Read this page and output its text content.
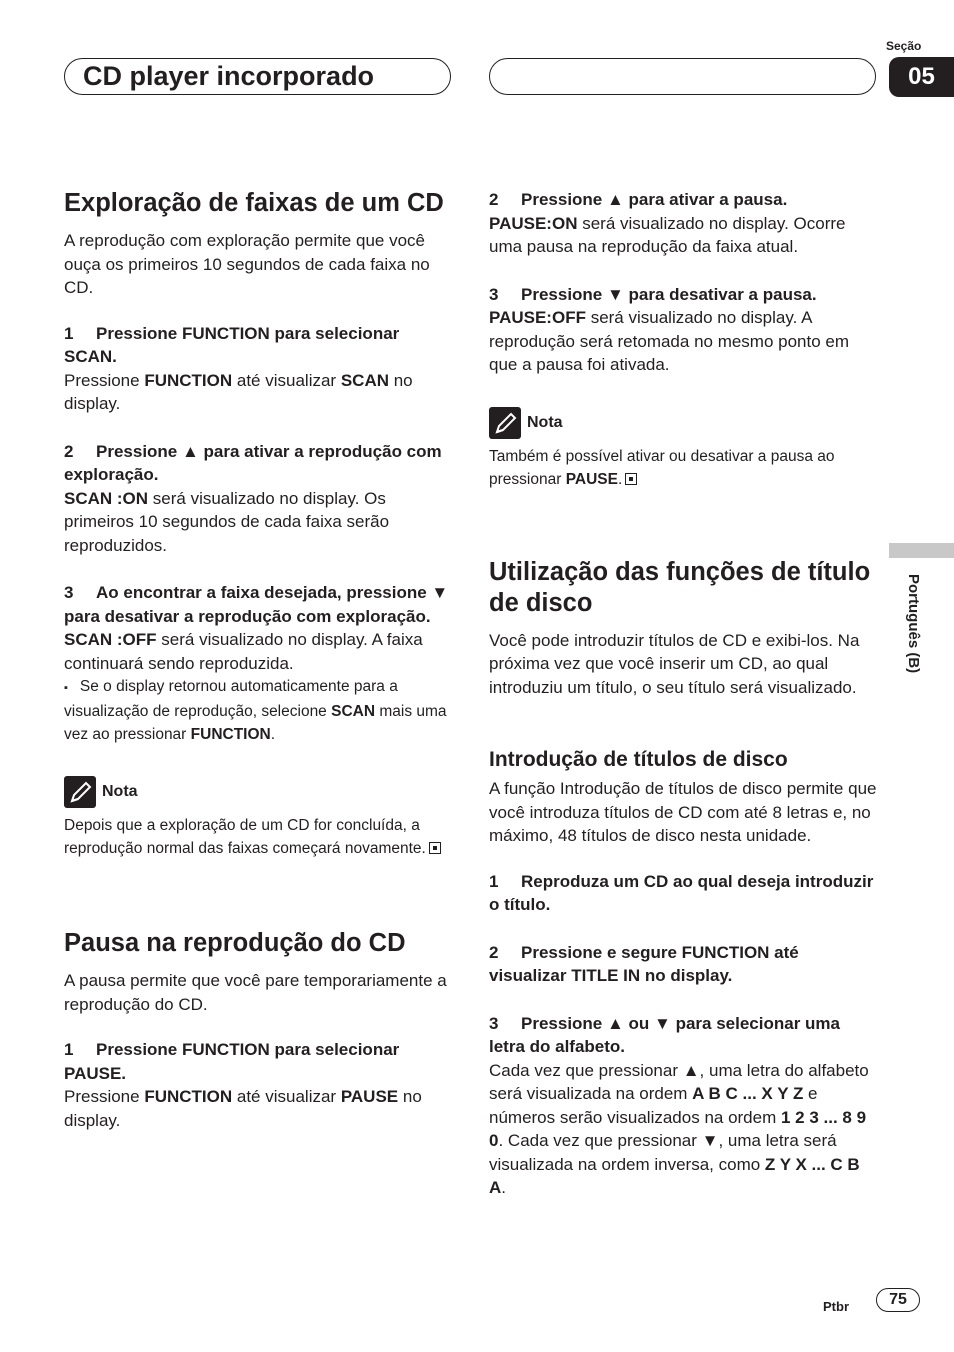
CD player incorporado
Seção
05
Português (B)
Exploração de faixas de um CD

A reprodução com exploração permite que você ouça os primeiros 10 segundos de cada faixa no CD.

1 Pressione FUNCTION para selecionar SCAN.

Pressione FUNCTION até visualizar SCAN no display.

2 Pressione ▲ para ativar a reprodução com exploração.

SCAN :ON será visualizado no display. Os primeiros 10 segundos de cada faixa serão reproduzidos.

3 Ao encontrar a faixa desejada, pressione ▼ para desativar a reprodução com exploração.

SCAN :OFF será visualizado no display. A faixa continuará sendo reproduzida.

▪ Se o display retornou automaticamente para a visualização de reprodução, selecione SCAN mais uma vez ao pressionar FUNCTION.

Nota

Depois que a exploração de um CD for concluída, a reprodução normal das faixas começará novamente.

Pausa na reprodução do CD

A pausa permite que você pare temporariamente a reprodução do CD.

1 Pressione FUNCTION para selecionar PAUSE.

Pressione FUNCTION até visualizar PAUSE no display.

2 Pressione ▲ para ativar a pausa.

PAUSE:ON será visualizado no display. Ocorre uma pausa na reprodução da faixa atual.

3 Pressione ▼ para desativar a pausa.

PAUSE:OFF será visualizado no display. A reprodução será retomada no mesmo ponto em que a pausa foi ativada.

Nota

Também é possível ativar ou desativar a pausa ao pressionar PAUSE.

Utilização das funções de título de disco

Você pode introduzir títulos de CD e exibi-los. Na próxima vez que você inserir um CD, ao qual introduziu um título, o seu título será visualizado.

Introdução de títulos de disco

A função Introdução de títulos de disco permite que você introduza títulos de CD com até 8 letras e, no máximo, 48 títulos de disco nesta unidade.

1 Reproduza um CD ao qual deseja introduzir o título.
2 Pressione e segure FUNCTION até visualizar TITLE IN no display.
3 Pressione ▲ ou ▼ para selecionar uma letra do alfabeto.

Cada vez que pressionar ▲, uma letra do alfabeto será visualizada na ordem A B C ... X Y Z e números serão visualizados na ordem 1 2 3 ... 8 9 0. Cada vez que pressionar ▼, uma letra será visualizada na ordem inversa, como Z Y X ... C B A.

Ptbr	75
